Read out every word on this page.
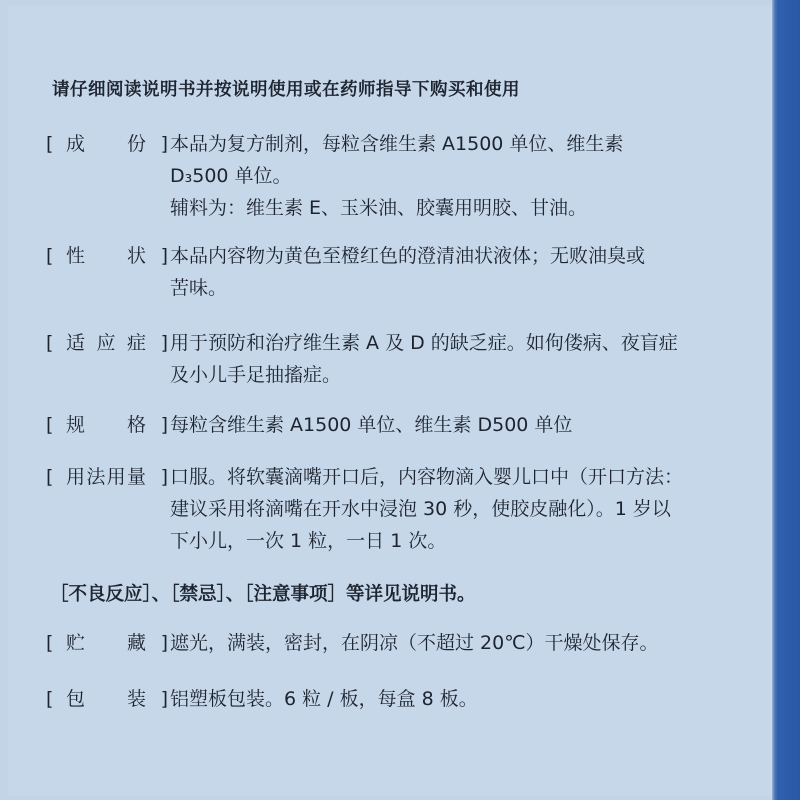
请仔细阅读说明书并按说明使用或在药师指导下购买和使用
[ 成 份 ] 本品为复方制剂，每粒含维生素 A1500 单位、维生素

D₃500 单位。

辅料为：维生素 E、玉米油、胶囊用明胶、甘油。

[ 性 状 ] 本品内容物为黄色至橙红色的澄清油状液体；无败油臭或

苦味。

[ 适 应 症 ] 用于预防和治疗维生素 A 及 D 的缺乏症。如佝偻病、夜盲症

及小儿手足抽搐症。

[ 规 格 ] 每粒含维生素 A1500 单位、维生素 D500 单位

[ 用 法 用 量 ] 口服。将软囊滴嘴开口后，内容物滴入婴儿口中（开口方法：

建议采用将滴嘴在开水中浸泡 30 秒，使胶皮融化）。1 岁以

下小儿，一次 1 粒，一日 1 次。

[ 贮 藏 ] 遮光，满装，密封，在阴凉（不超过 20℃）干燥处保存。

[ 包 装 ] 铝塑板包装。6 粒 / 板，每盒 8 板。

［不良反应］、［禁忌］、［注意事项］等详见说明书。
